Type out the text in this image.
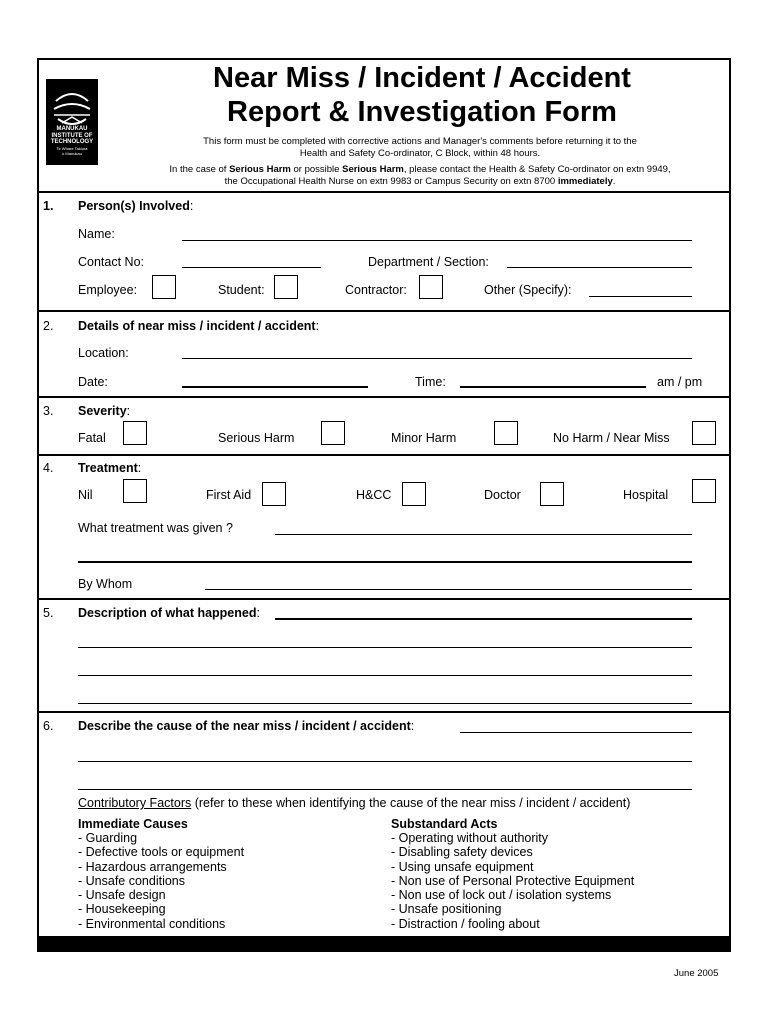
MANUKAU
INSTITUTE OF
TECHNOLOGY
Te Whare Takiura
o Manukau
Near Miss / Incident / Accident
Report & Investigation Form
This form must be completed with corrective actions and Manager's comments before returning it to the
Health and Safety Co-ordinator, C Block, within 48 hours.
In the case of Serious Harm or possible Serious Harm, please contact the Health & Safety Co-ordinator on extn 9949,
the Occupational Health Nurse on extn 9983 or Campus Security on extn 8700 immediately.
1. Person(s) Involved:
Name:
Contact No:	Department / Section:
Employee:	Student:	Contractor:	Other (Specify):
2. Details of near miss / incident / accident:
Location:
Date:	Time:	am / pm
3. Severity:
Fatal	Serious Harm	Minor Harm	No Harm / Near Miss
4. Treatment:
Nil	First Aid	H&CC	Doctor	Hospital
What treatment was given ?
By Whom
5. Description of what happened:
6. Describe the cause of the near miss / incident / accident:
Contributory Factors (refer to these when identifying the cause of the near miss / incident / accident)
Immediate Causes
- Guarding
- Defective tools or equipment
- Hazardous arrangements
- Unsafe conditions
- Unsafe design
- Housekeeping
- Environmental conditions
Substandard Acts
- Operating without authority
- Disabling safety devices
- Using unsafe equipment
- Non use of Personal Protective Equipment
- Non use of lock out / isolation systems
- Unsafe positioning
- Distraction / fooling about
June 2005
